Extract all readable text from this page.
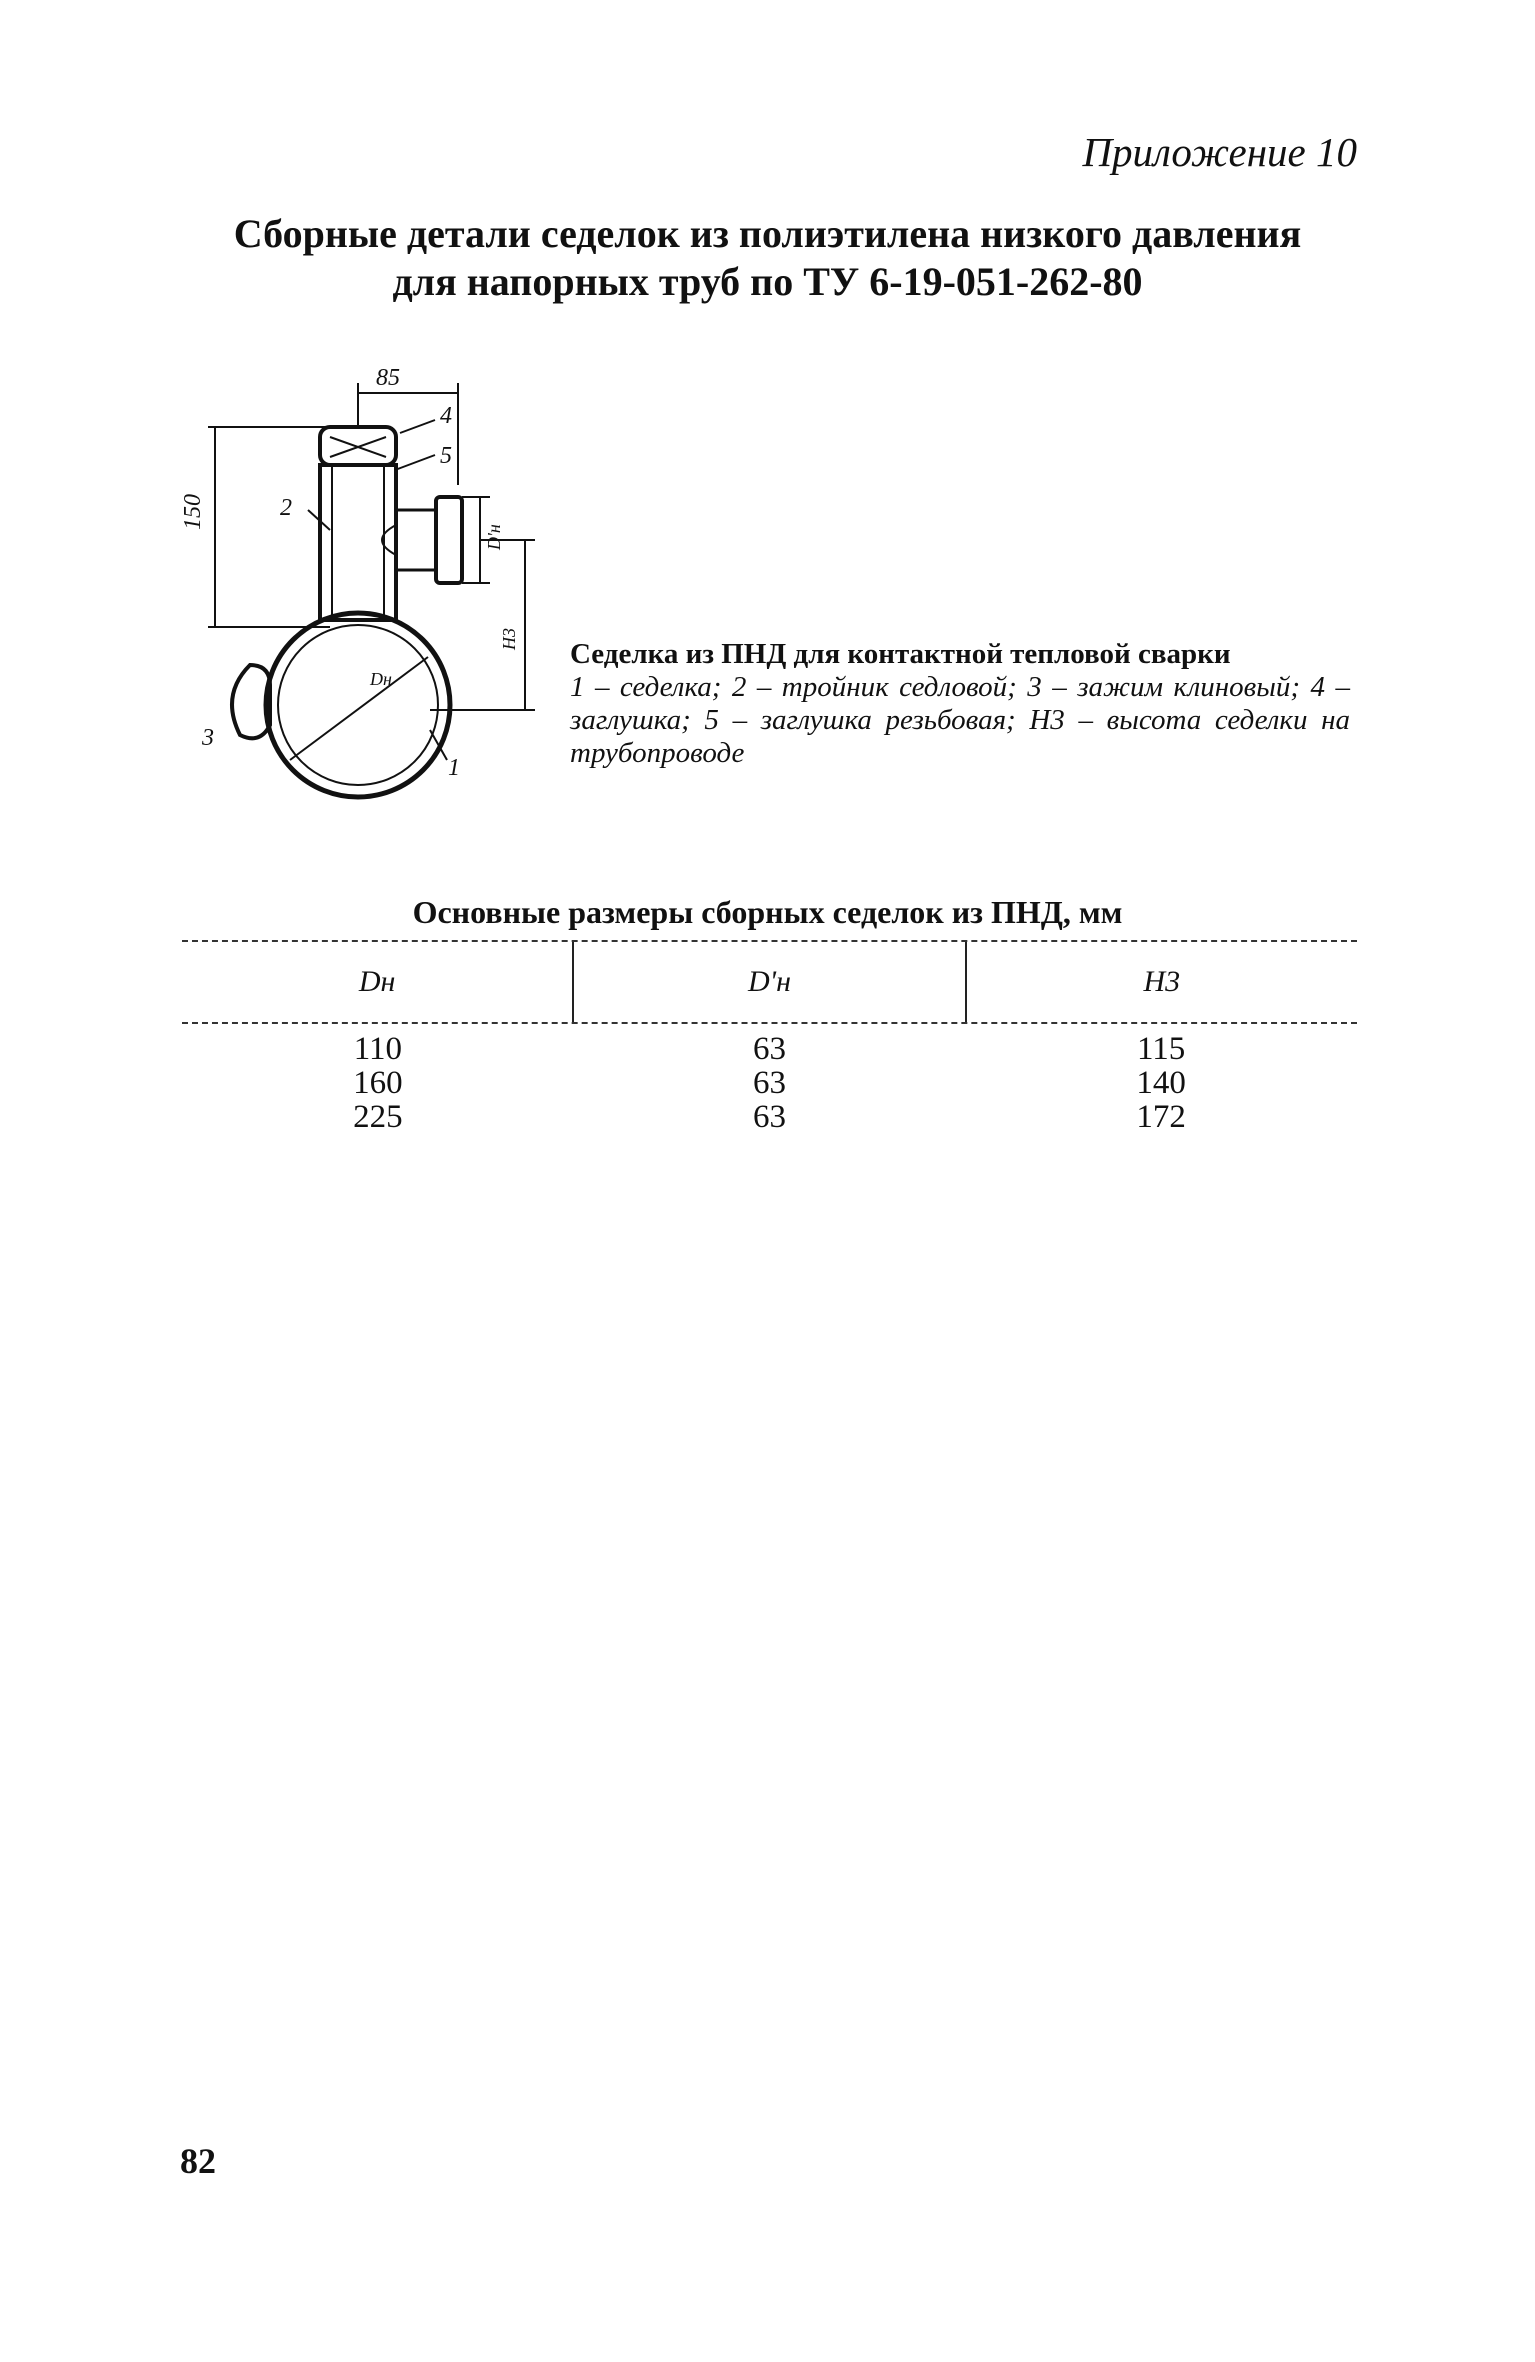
Приложение 10
Сборные детали седелок из полиэтилена низкого давления
для напорных труб по ТУ 6-19-051-262-80
85
150
4
5
2
3
1
D'н
H3
Dн
Седелка из ПНД для контактной тепловой сварки
1 – седелка; 2 – тройник седловой; 3 – зажим клиновый; 4 – заглушка; 5 – заглушка резьбовая; H3 – высота седелки на трубопроводе
Основные размеры сборных седелок из ПНД, мм
Dн	D'н	H3
110	63	115
160	63	140
225	63	172
82
